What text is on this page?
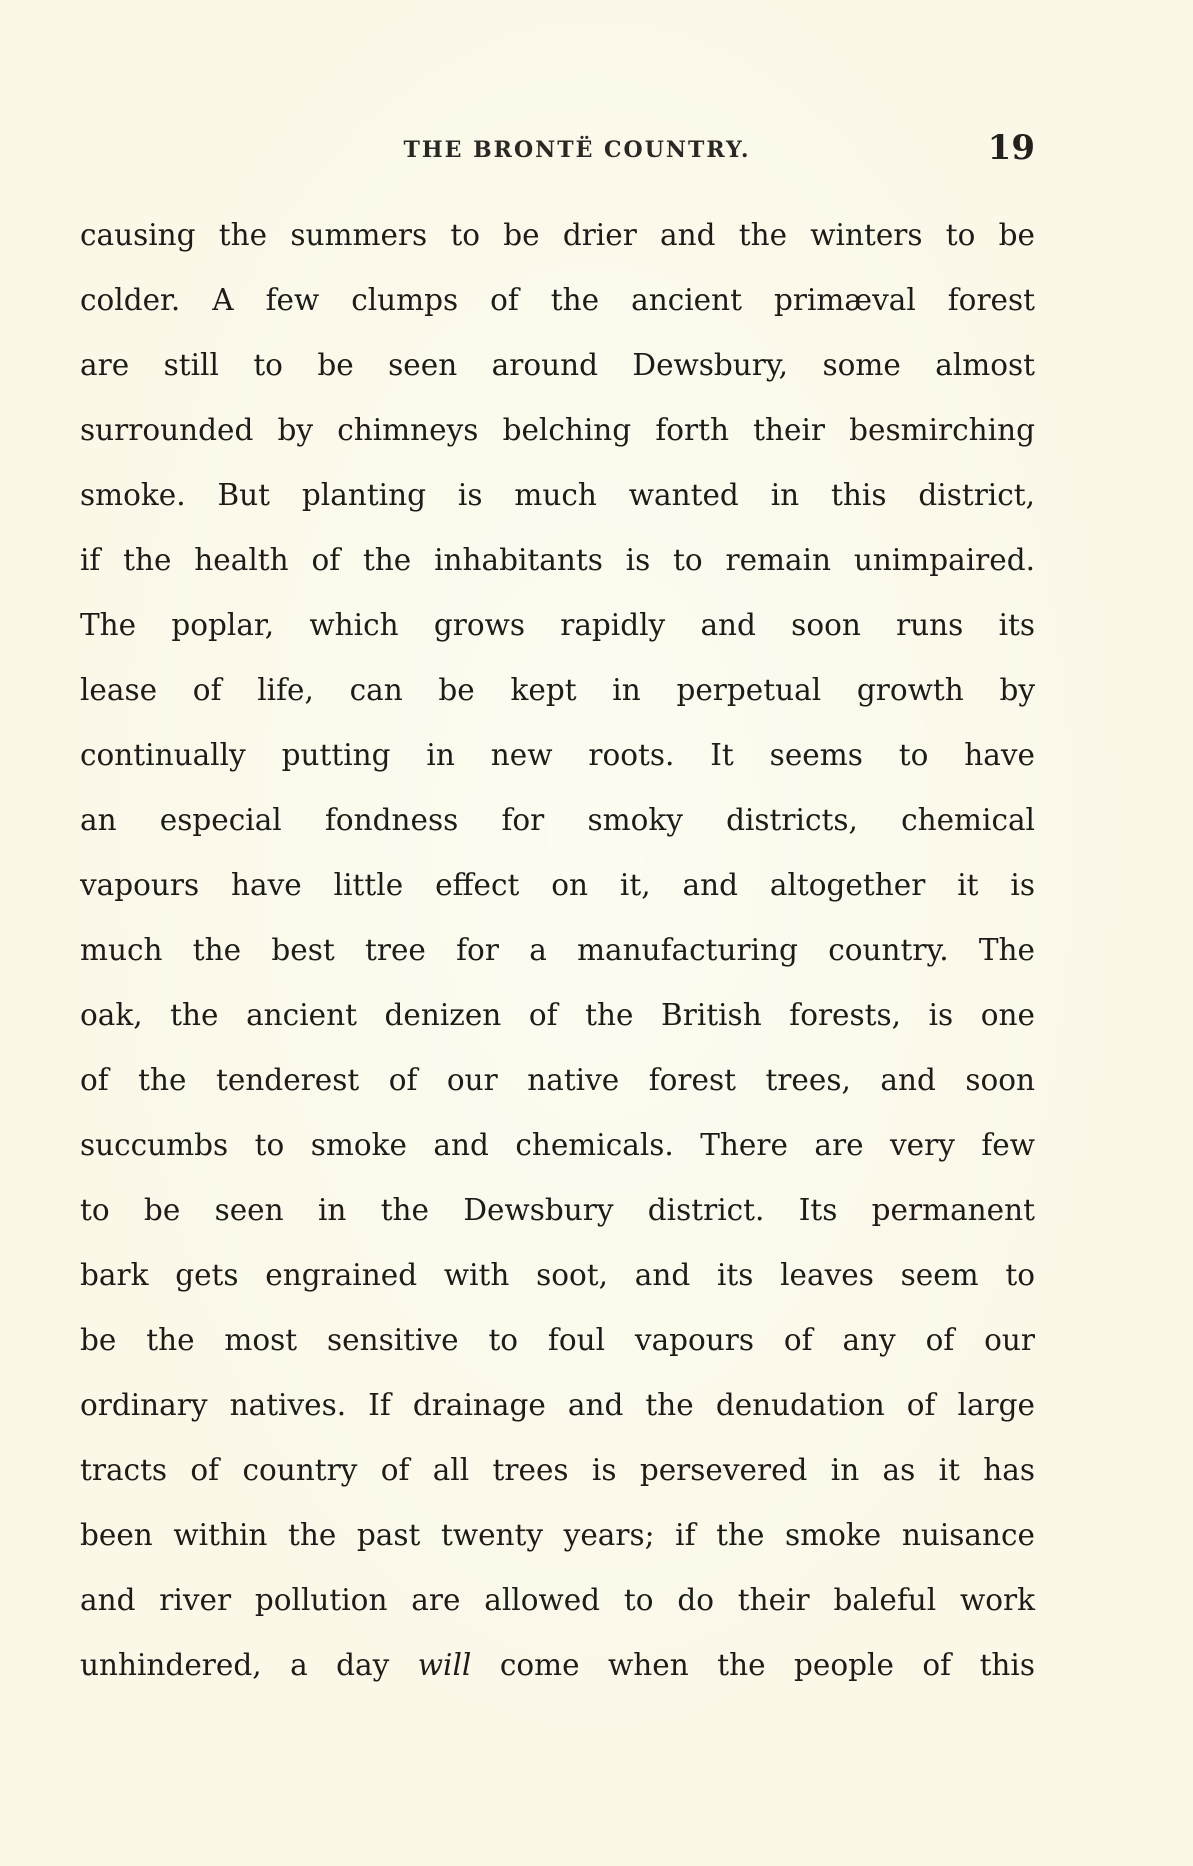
THE BRONTË COUNTRY.	19
causing the summers to be drier and the winters to be
colder. A few clumps of the ancient primæval forest
are still to be seen around Dewsbury, some almost
surrounded by chimneys belching forth their besmirching
smoke. But planting is much wanted in this district,
if the health of the inhabitants is to remain unimpaired.
The poplar, which grows rapidly and soon runs its
lease of life, can be kept in perpetual growth by
continually putting in new roots. It seems to have
an especial fondness for smoky districts, chemical
vapours have little effect on it, and altogether it is
much the best tree for a manufacturing country. The
oak, the ancient denizen of the British forests, is one
of the tenderest of our native forest trees, and soon
succumbs to smoke and chemicals. There are very few
to be seen in the Dewsbury district. Its permanent
bark gets engrained with soot, and its leaves seem to
be the most sensitive to foul vapours of any of our
ordinary natives. If drainage and the denudation of large
tracts of country of all trees is persevered in as it has
been within the past twenty years; if the smoke nuisance
and river pollution are allowed to do their baleful work
unhindered, a day will come when the people of this
